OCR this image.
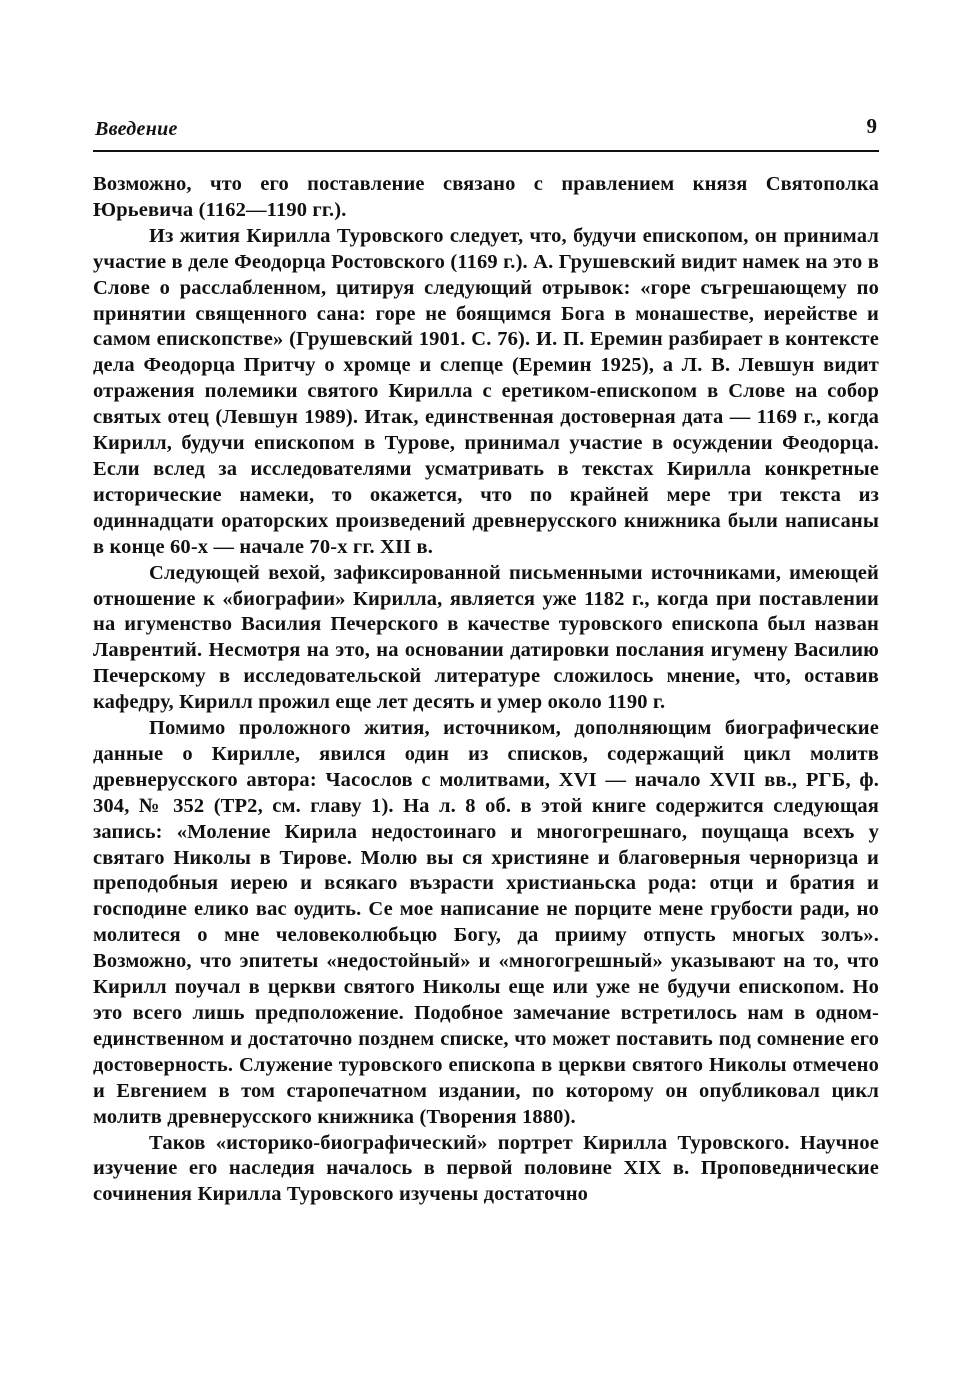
Введение	9

Возможно, что его поставление связано с правлением князя Святополка Юрьевича (1162—1190 гг.).

Из жития Кирилла Туровского следует, что, будучи епископом, он принимал участие в деле Феодорца Ростовского (1169 г.). А. Грушевский видит намек на это в Слове о расслабленном, цитируя следующий отрывок: «горе съгрешающему по принятии священного сана: горе не боящимся Бога в монашестве, иерействе и самом епископстве» (Грушевский 1901. С. 76). И. П. Еремин разбирает в контексте дела Феодорца Притчу о хромце и слепце (Еремин 1925), а Л. В. Левшун видит отражения полемики святого Кирилла с еретиком-епископом в Слове на собор святых отец (Левшун 1989). Итак, единственная достоверная дата — 1169 г., когда Кирилл, будучи епископом в Турове, принимал участие в осуждении Феодорца. Если вслед за исследователями усматривать в текстах Кирилла конкретные исторические намеки, то окажется, что по крайней мере три текста из одиннадцати ораторских произведений древнерусского книжника были написаны в конце 60-х — начале 70-х гг. XII в.

Следующей вехой, зафиксированной письменными источниками, имеющей отношение к «биографии» Кирилла, является уже 1182 г., когда при поставлении на игуменство Василия Печерского в качестве туровского епископа был назван Лаврентий. Несмотря на это, на основании датировки послания игумену Василию Печерскому в исследовательской литературе сложилось мнение, что, оставив кафедру, Кирилл прожил еще лет десять и умер около 1190 г.

Помимо проложного жития, источником, дополняющим биографические данные о Кирилле, явился один из списков, содержащий цикл молитв древнерусского автора: Часослов с молитвами, XVI — начало XVII вв., РГБ, ф. 304, № 352 (ТР2, см. главу 1). На л. 8 об. в этой книге содержится следующая запись: «Моление Кирила недостоинаго и многогрешнаго, поущаща всехъ у святаго Николы в Тирове. Молю вы ся християне и благоверныя черноризца и преподобныя иерею и всякаго възрасти христианьска рода: отци и братия и господине елико вас оудить. Се мое написание не порците мене грубости ради, но молитеся о мне человеколюбьцю Богу, да прииму отпусть многых золъ». Возможно, что эпитеты «недостойный» и «многогрешный» указывают на то, что Кирилл поучал в церкви святого Николы еще или уже не будучи епископом. Но это всего лишь предположение. Подобное замечание встретилось нам в одном-единственном и достаточно позднем списке, что может поставить под сомнение его достоверность. Служение туровского епископа в церкви святого Николы отмечено и Евгением в том старопечатном издании, по которому он опубликовал цикл молитв древнерусского книжника (Творения 1880).

Таков «историко-биографический» портрет Кирилла Туровского. Научное изучение его наследия началось в первой половине XIX в. Проповеднические сочинения Кирилла Туровского изучены достаточно
